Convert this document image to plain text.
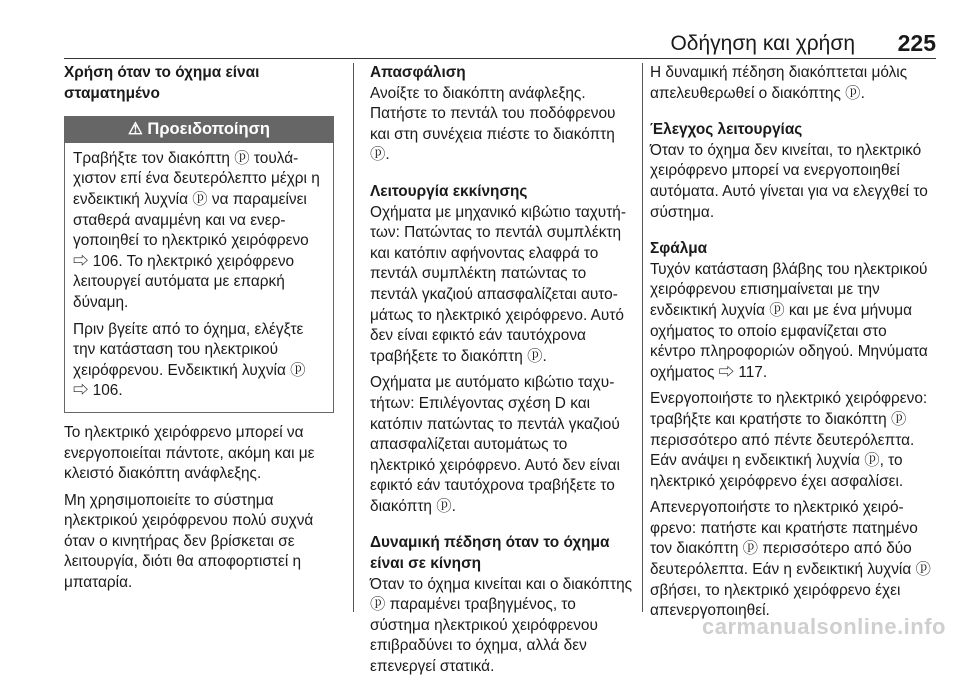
Οδήγηση και χρήση 225

Χρήση όταν το όχημα είναι σταματημένο

⚠ Προειδοποίηση

Τραβήξτε τον διακόπτη ⓟ τουλάχιστον επί ένα δευτερόλεπτο μέχρι η ενδεικτική λυχνία ⓟ να παραμείνει σταθερά αναμμένη και να ενεργοποιηθεί το ηλεκτρικό χειρόφρενο ⇨ 106. Το ηλεκτρικό χειρόφρενο λειτουργεί αυτόματα με επαρκή δύναμη.

Πριν βγείτε από το όχημα, ελέγξτε την κατάσταση του ηλεκτρικού χειρόφρενου. Ενδεικτική λυχνία ⓟ ⇨ 106.

Το ηλεκτρικό χειρόφρενο μπορεί να ενεργοποιείται πάντοτε, ακόμη και με κλειστό διακόπτη ανάφλεξης.

Μη χρησιμοποιείτε το σύστημα ηλεκτρικού χειρόφρενου πολύ συχνά όταν ο κινητήρας δεν βρίσκεται σε λειτουργία, διότι θα αποφορτιστεί η μπαταρία.

Απασφάλιση

Ανοίξτε το διακόπτη ανάφλεξης. Πατήστε το πεντάλ του ποδόφρενου και στη συνέχεια πιέστε το διακόπτη ⓟ.

Λειτουργία εκκίνησης

Οχήματα με μηχανικό κιβώτιο ταχυτήτων: Πατώντας το πεντάλ συμπλέκτη και κατόπιν αφήνοντας ελαφρά το πεντάλ συμπλέκτη πατώντας το πεντάλ γκαζιού απασφαλίζεται αυτομάτως το ηλεκτρικό χειρόφρενο. Αυτό δεν είναι εφικτό εάν ταυτόχρονα τραβήξετε το διακόπτη ⓟ.

Οχήματα με αυτόματο κιβώτιο ταχυτήτων: Επιλέγοντας σχέση D και κατόπιν πατώντας το πεντάλ γκαζιού απασφαλίζεται αυτομάτως το ηλεκτρικό χειρόφρενο. Αυτό δεν είναι εφικτό εάν ταυτόχρονα τραβήξετε το διακόπτη ⓟ.

Δυναμική πέδηση όταν το όχημα είναι σε κίνηση

Όταν το όχημα κινείται και ο διακόπτης ⓟ παραμένει τραβηγμένος, το σύστημα ηλεκτρικού χειρόφρενου επιβραδύνει το όχημα, αλλά δεν επενεργεί στατικά.

Η δυναμική πέδηση διακόπτεται μόλις απελευθερωθεί ο διακόπτης ⓟ.

Έλεγχος λειτουργίας

Όταν το όχημα δεν κινείται, το ηλεκτρικό χειρόφρενο μπορεί να ενεργοποιηθεί αυτόματα. Αυτό γίνεται για να ελεγχθεί το σύστημα.

Σφάλμα

Τυχόν κατάσταση βλάβης του ηλεκτρικού χειρόφρενου επισημαίνεται με την ενδεικτική λυχνία ⓟ και με ένα μήνυμα οχήματος το οποίο εμφανίζεται στο κέντρο πληροφοριών οδηγού. Μηνύματα οχήματος ⇨ 117.

Ενεργοποιήστε το ηλεκτρικό χειρόφρενο: τραβήξτε και κρατήστε το διακόπτη ⓟ περισσότερο από πέντε δευτερόλεπτα. Εάν ανάψει η ενδεικτική λυχνία ⓟ, το ηλεκτρικό χειρόφρενο έχει ασφαλίσει.

Απενεργοποιήστε το ηλεκτρικό χειρόφρενο: πατήστε και κρατήστε πατημένο τον διακόπτη ⓟ περισσότερο από δύο δευτερόλεπτα. Εάν η ενδεικτική λυχνία ⓟ σβήσει, το ηλεκτρικό χειρόφρενο έχει απενεργοποιηθεί.

carmanualsonline.info
